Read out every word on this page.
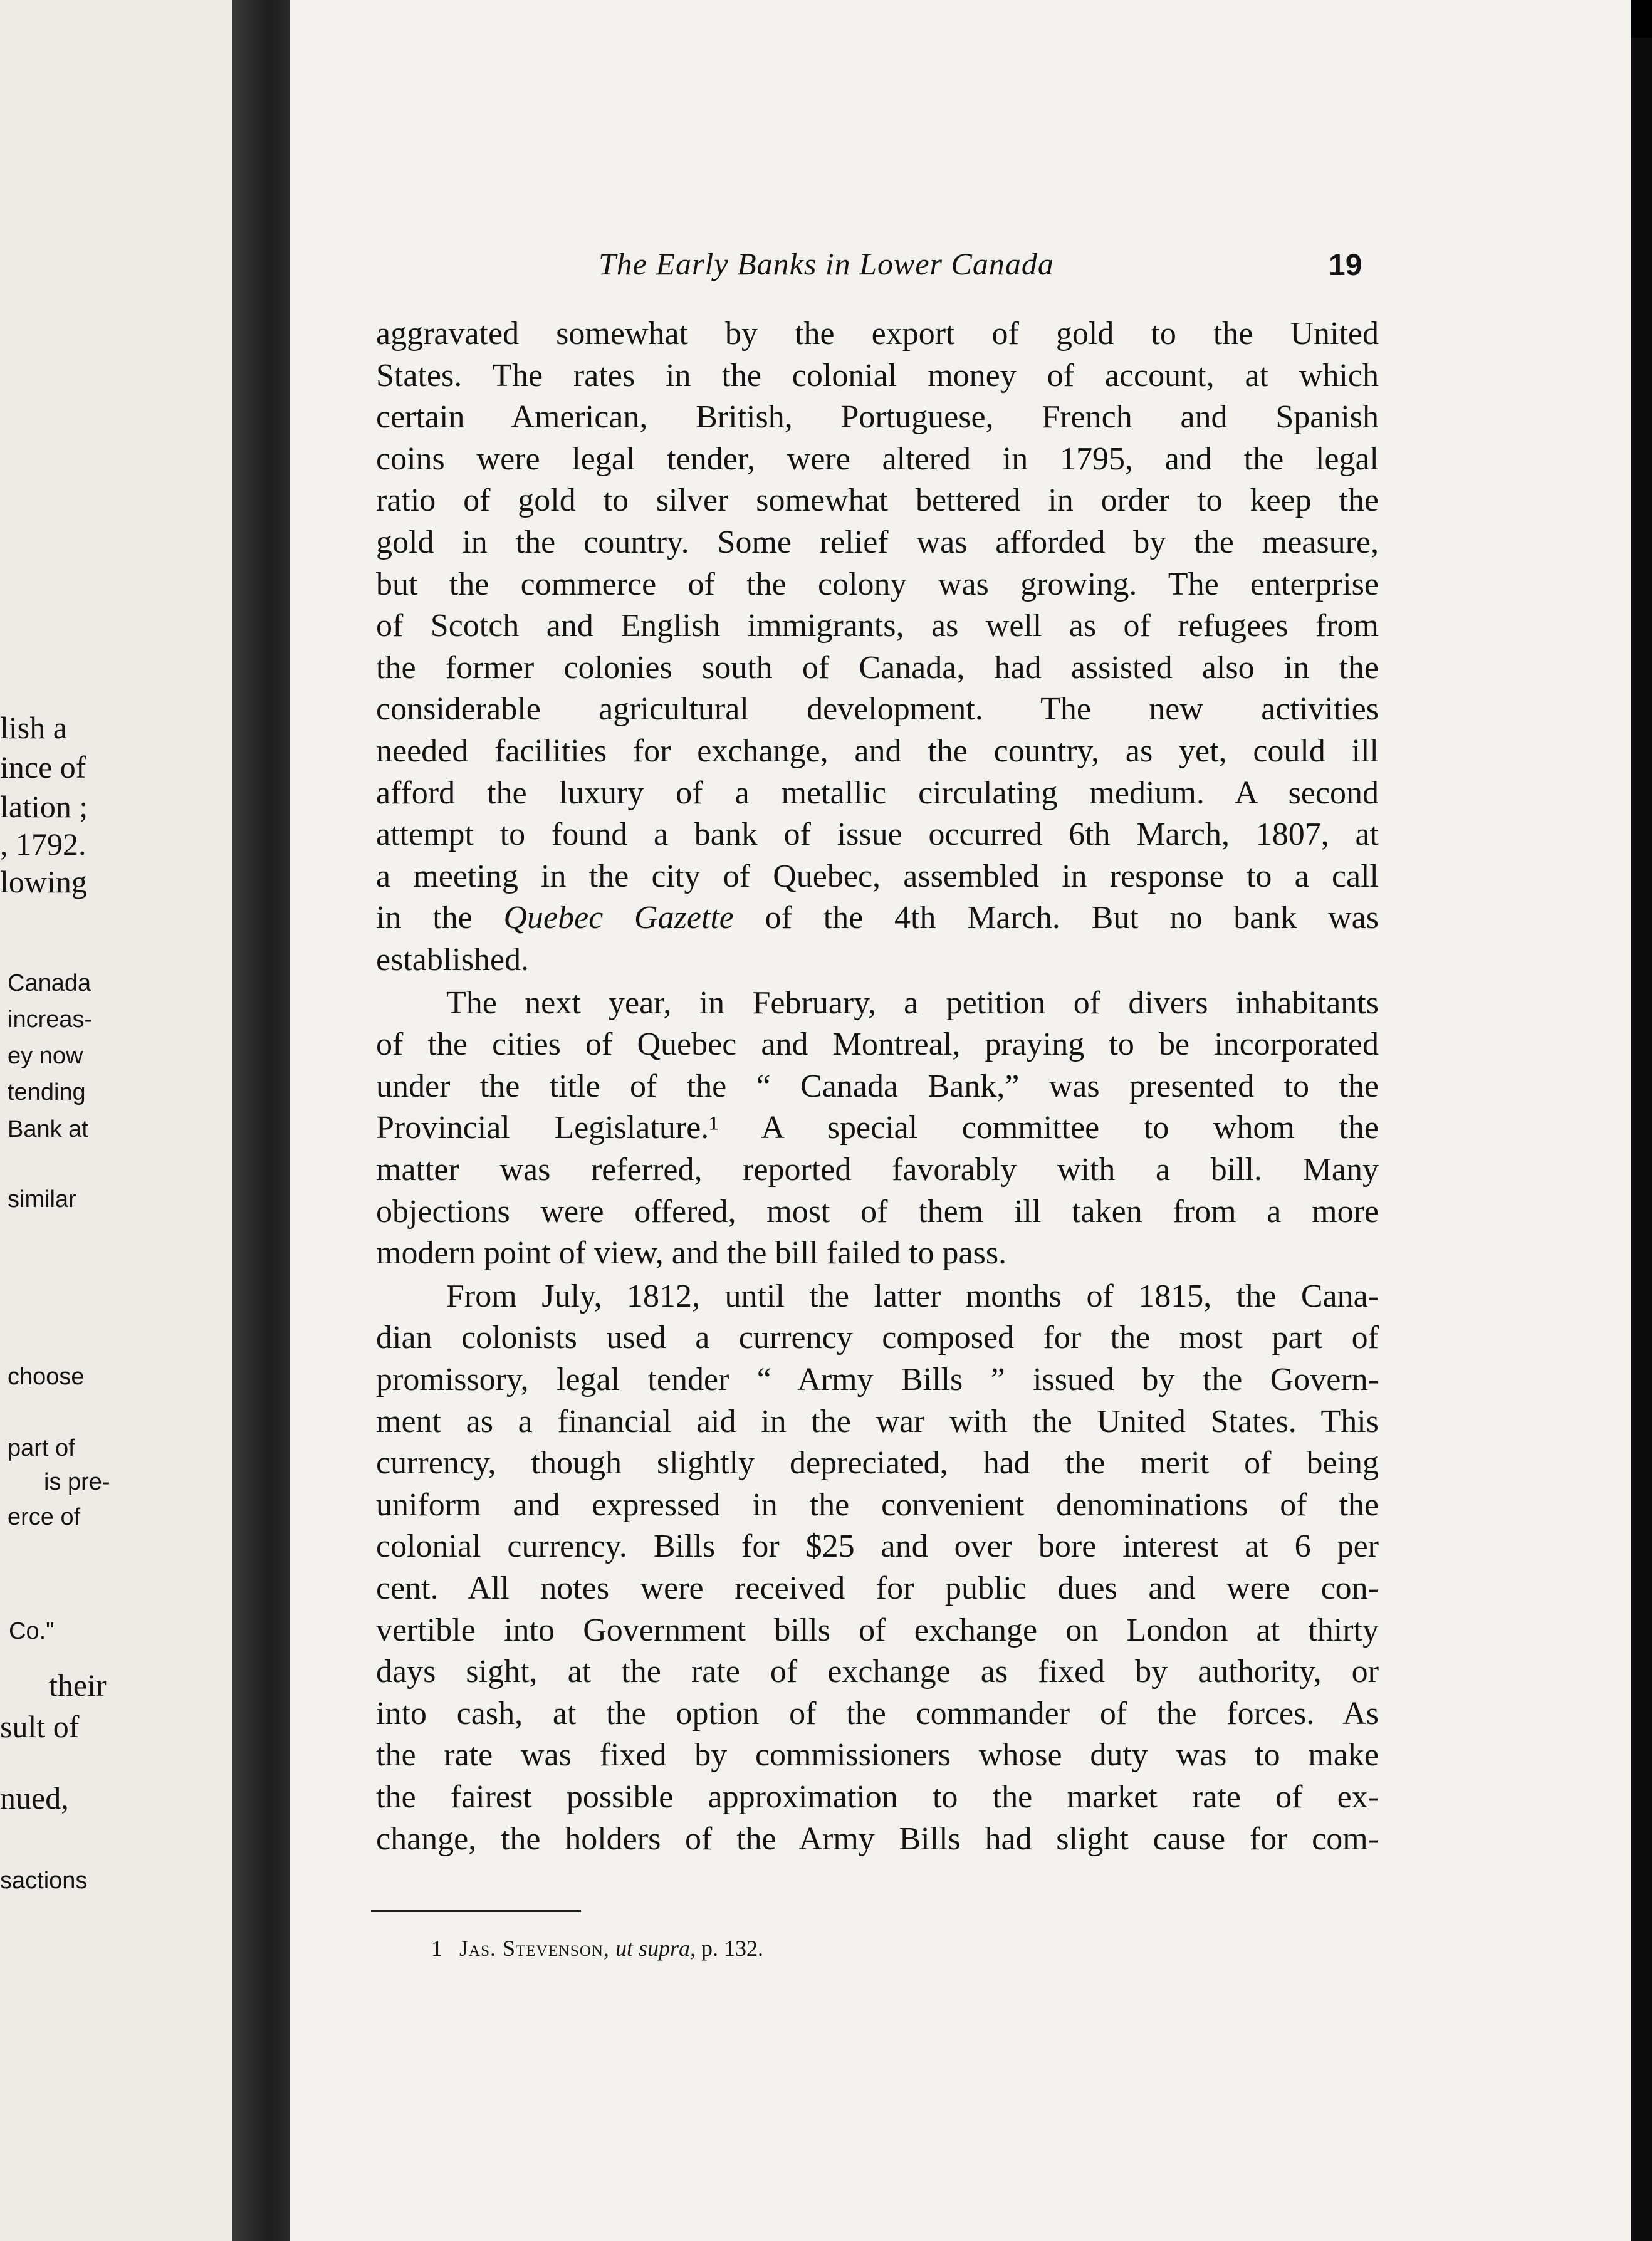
lish a
ince of
lation ;
, 1792.
lowing
Canada
increas-
ey now
tending
Bank at
similar
choose
part of
is pre-
erce of
Co."
their
sult of
nued,
sactions
The Early Banks in Lower Canada	19
aggravated somewhat by the export of gold to the United
States. The rates in the colonial money of account, at which
certain American, British, Portuguese, French and Spanish
coins were legal tender, were altered in 1795, and the legal
ratio of gold to silver somewhat bettered in order to keep the
gold in the country. Some relief was afforded by the measure,
but the commerce of the colony was growing. The enterprise
of Scotch and English immigrants, as well as of refugees from
the former colonies south of Canada, had assisted also in the
considerable agricultural development. The new activities
needed facilities for exchange, and the country, as yet, could ill
afford the luxury of a metallic circulating medium. A second
attempt to found a bank of issue occurred 6th March, 1807, at
a meeting in the city of Quebec, assembled in response to a call
in the Quebec Gazette of the 4th March. But no bank was
established.
The next year, in February, a petition of divers inhabitants
of the cities of Quebec and Montreal, praying to be incorporated
under the title of the “ Canada Bank,” was presented to the
Provincial Legislature.¹ A special committee to whom the
matter was referred, reported favorably with a bill. Many
objections were offered, most of them ill taken from a more
modern point of view, and the bill failed to pass.
From July, 1812, until the latter months of 1815, the Cana-
dian colonists used a currency composed for the most part of
promissory, legal tender “ Army Bills ” issued by the Govern-
ment as a financial aid in the war with the United States. This
currency, though slightly depreciated, had the merit of being
uniform and expressed in the convenient denominations of the
colonial currency. Bills for $25 and over bore interest at 6 per
cent. All notes were received for public dues and were con-
vertible into Government bills of exchange on London at thirty
days sight, at the rate of exchange as fixed by authority, or
into cash, at the option of the commander of the forces. As
the rate was fixed by commissioners whose duty was to make
the fairest possible approximation to the market rate of ex-
change, the holders of the Army Bills had slight cause for com-
1 Jas. Stevenson, ut supra, p. 132.
